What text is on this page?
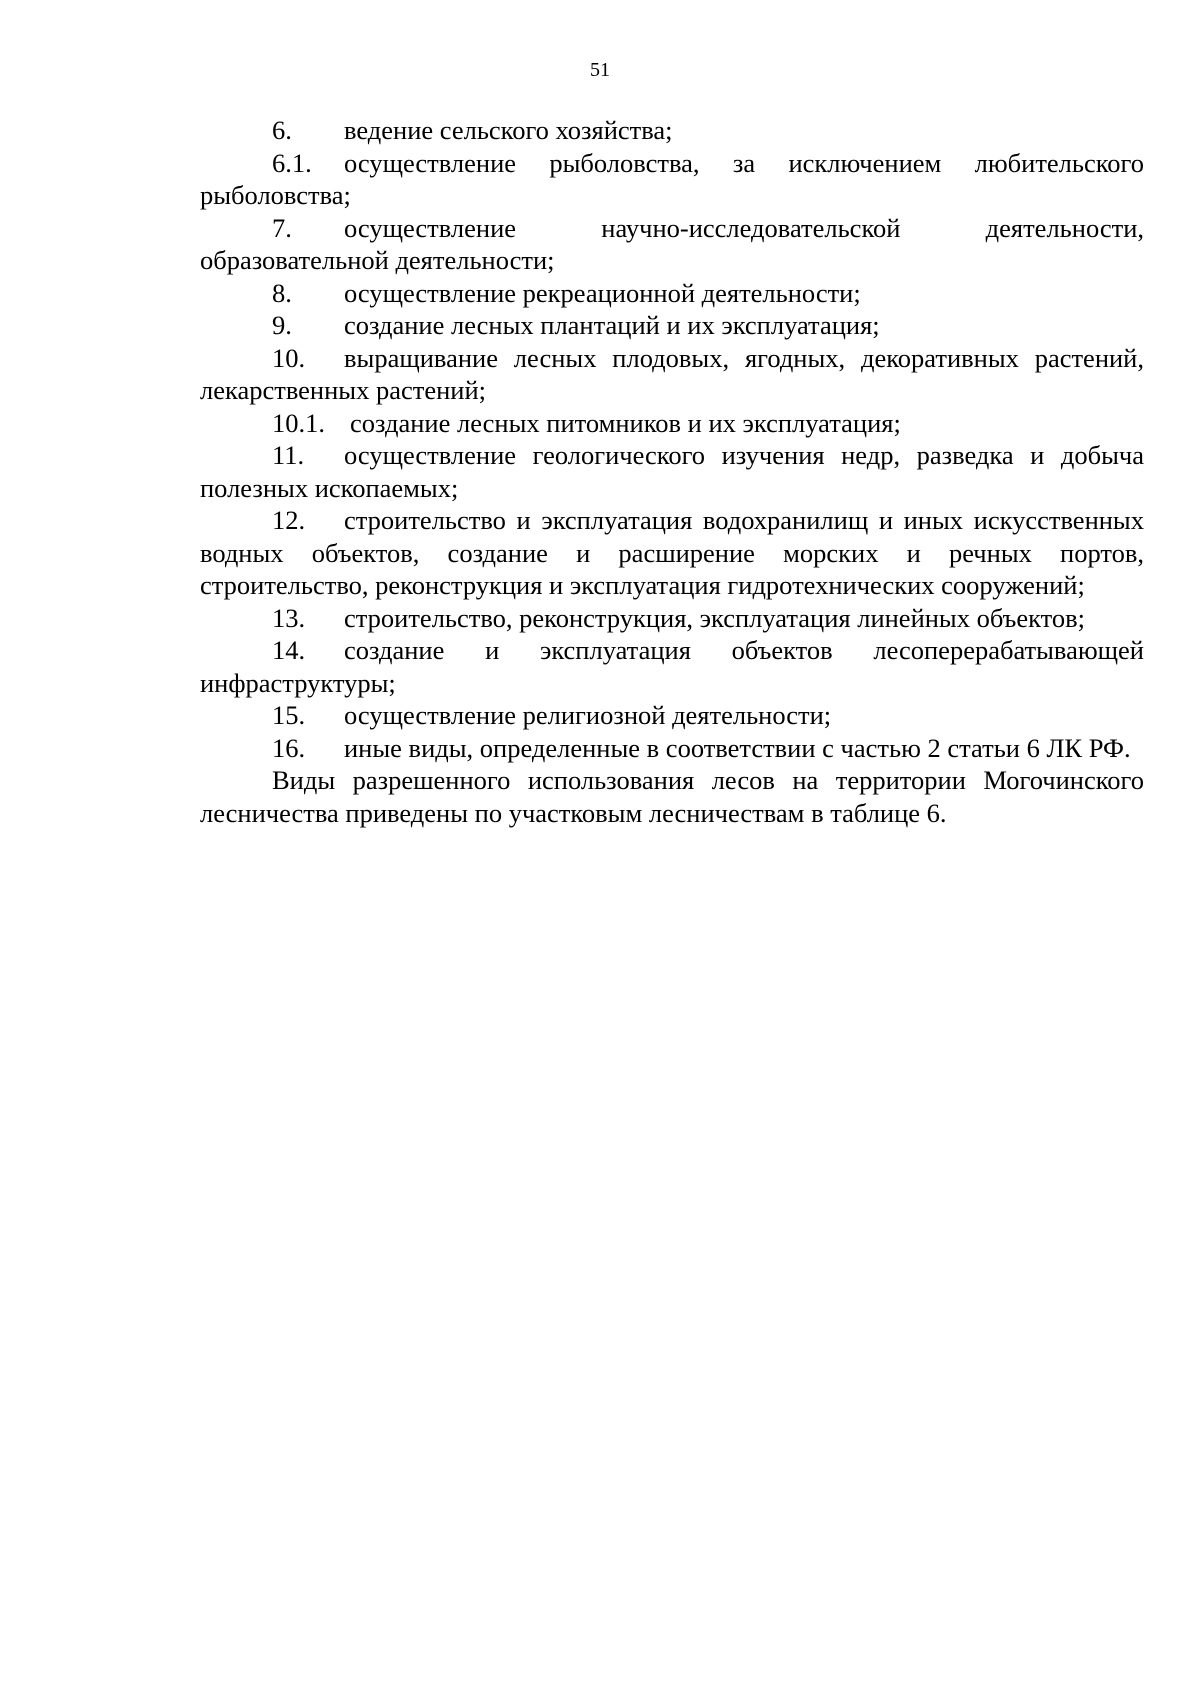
51

6. ведение сельского хозяйства;

6.1. осуществление рыболовства, за исключением любительского рыболовства;

7. осуществление научно-исследовательской деятельности, образовательной деятельности;

8. осуществление рекреационной деятельности;

9. создание лесных плантаций и их эксплуатация;

10. выращивание лесных плодовых, ягодных, декоративных растений, лекарственных растений;

10.1. создание лесных питомников и их эксплуатация;

11. осуществление геологического изучения недр, разведка и добыча полезных ископаемых;

12. строительство и эксплуатация водохранилищ и иных искусственных водных объектов, создание и расширение морских и речных портов, строительство, реконструкция и эксплуатация гидротехнических сооружений;

13. строительство, реконструкция, эксплуатация линейных объектов;

14. создание и эксплуатация объектов лесоперерабатывающей инфраструктуры;

15. осуществление религиозной деятельности;

16. иные виды, определенные в соответствии с частью 2 статьи 6 ЛК РФ.

Виды разрешенного использования лесов на территории Могочинского лесничества приведены по участковым лесничествам в таблице 6.
